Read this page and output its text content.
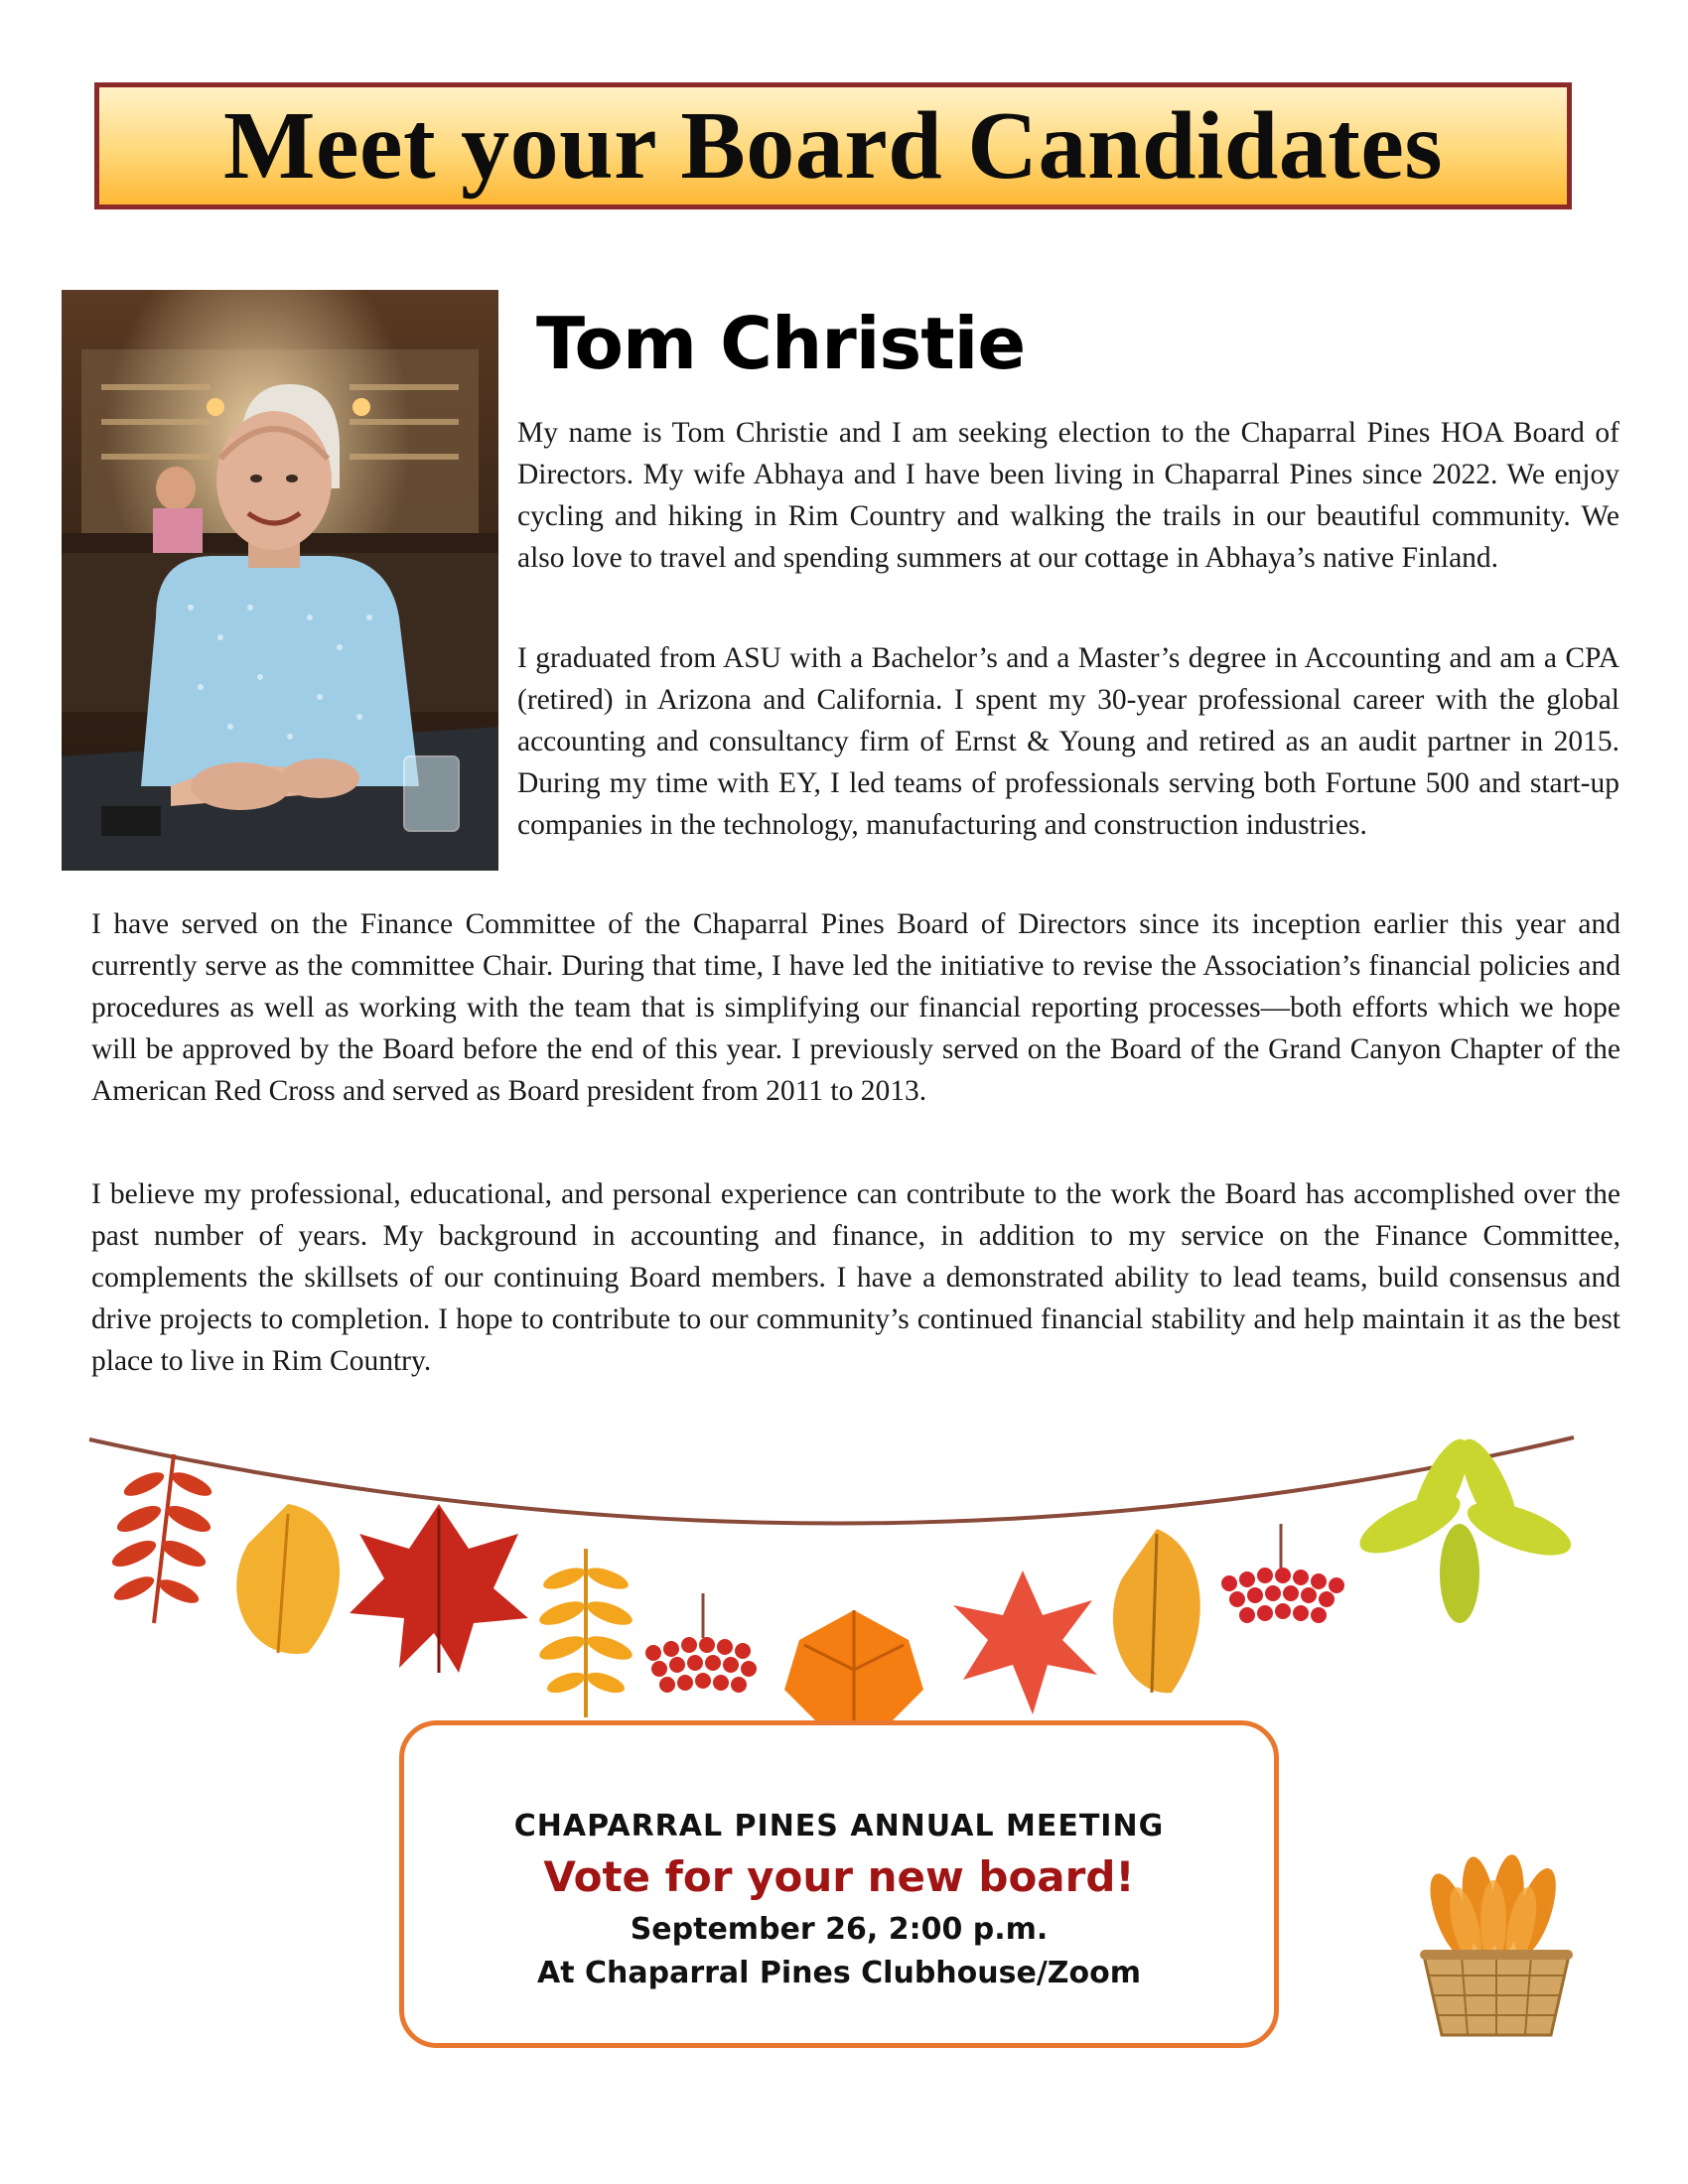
Meet your Board Candidates
Tom Christie

My name is Tom Christie and I am seeking election to the Chaparral Pines HOA Board of Directors. My wife Abhaya and I have been living in Chaparral Pines since 2022. We enjoy cycling and hiking in Rim Country and walking the trails in our beautiful community. We also love to travel and spending summers at our cottage in Abhaya’s native Finland.

I graduated from ASU with a Bachelor’s and a Master’s degree in Accounting and am a CPA (retired) in Arizona and California. I spent my 30-year professional career with the global accounting and consultancy firm of Ernst & Young and retired as an audit partner in 2015. During my time with EY, I led teams of professionals serving both Fortune 500 and start-up companies in the technology, manufacturing and construction industries.

I have served on the Finance Committee of the Chaparral Pines Board of Directors since its inception earlier this year and currently serve as the committee Chair. During that time, I have led the initiative to revise the Association’s financial policies and procedures as well as working with the team that is simplifying our financial reporting processes—both efforts which we hope will be approved by the Board before the end of this year. I previously served on the Board of the Grand Canyon Chapter of the American Red Cross and served as Board president from 2011 to 2013.

I believe my professional, educational, and personal experience can contribute to the work the Board has accomplished over the past number of years. My background in accounting and finance, in addition to my service on the Finance Committee, complements the skillsets of our continuing Board members. I have a demonstrated ability to lead teams, build consensus and drive projects to completion. I hope to contribute to our community’s continued financial stability and help maintain it as the best place to live in Rim Country.

CHAPARRAL PINES ANNUAL MEETING
Vote for your new board!
September 26, 2:00 p.m.
At Chaparral Pines Clubhouse/Zoom
